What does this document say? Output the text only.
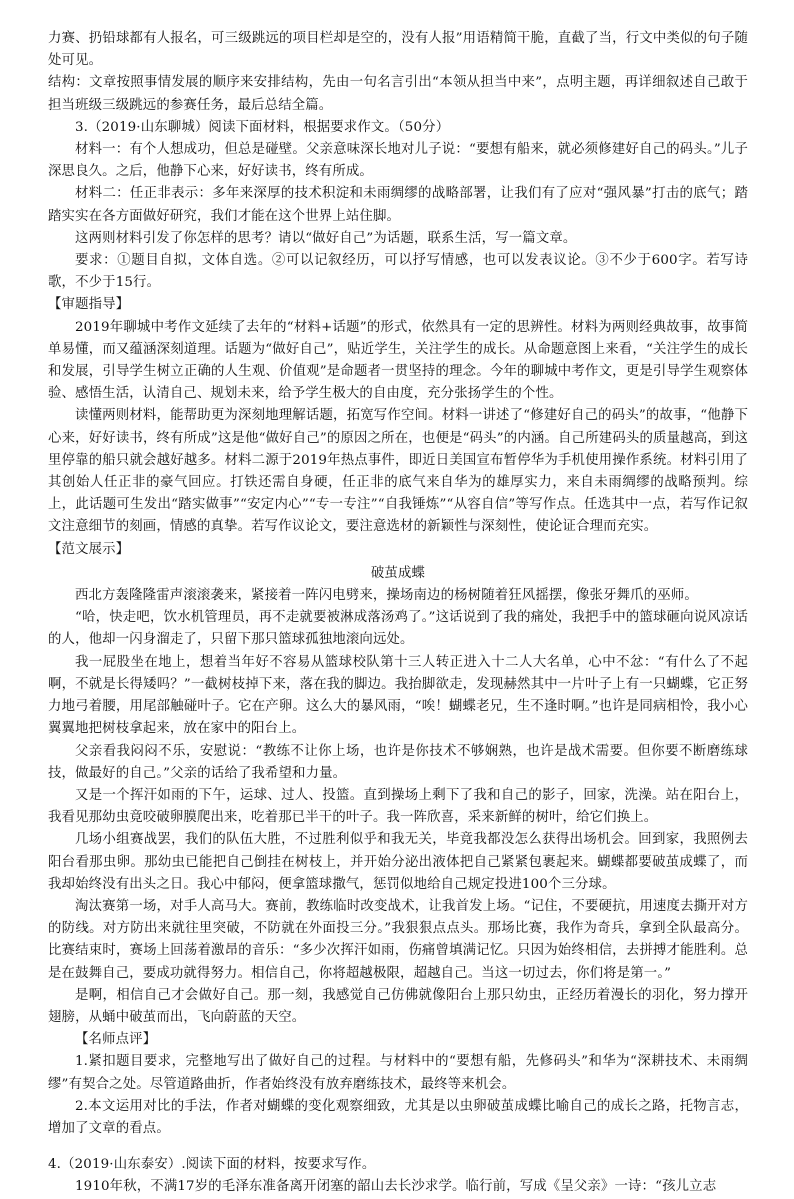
力赛、扔铅球都有人报名，可三级跳远的项目栏却是空的，没有人报”用语精简干脆，直截了当，行文中类似的句子随处可见。

结构：文章按照事情发展的顺序来安排结构，先由一句名言引出“本领从担当中来”，点明主题，再详细叙述自己敢于担当班级三级跳远的参赛任务，最后总结全篇。

3.（2019·山东聊城）阅读下面材料，根据要求作文。（50分）

材料一：有个人想成功，但总是碰壁。父亲意味深长地对儿子说：“要想有船来，就必须修建好自己的码头。”儿子深思良久。之后，他静下心来，好好读书，终有所成。

材料二：任正非表示：多年来深厚的技术积淀和未雨绸缪的战略部署，让我们有了应对“强风暴”打击的底气；踏踏实实在各方面做好研究，我们才能在这个世界上站住脚。

这两则材料引发了你怎样的思考？请以“做好自己”为话题，联系生活，写一篇文章。

要求：①题目自拟，文体自选。②可以记叙经历，可以抒写情感，也可以发表议论。③不少于600字。若写诗歌，不少于15行。

【审题指导】

2019年聊城中考作文延续了去年的“材料+话题”的形式，依然具有一定的思辨性。材料为两则经典故事，故事简单易懂，而又蕴涵深刻道理。话题为“做好自己”，贴近学生，关注学生的成长。从命题意图上来看，“关注学生的成长和发展，引导学生树立正确的人生观、价值观”是命题者一贯坚持的理念。今年的聊城中考作文，更是引导学生观察体验、感悟生活，认清自己、规划未来，给予学生极大的自由度，充分张扬学生的个性。

读懂两则材料，能帮助更为深刻地理解话题，拓宽写作空间。材料一讲述了“修建好自己的码头”的故事，“他静下心来，好好读书，终有所成”这是他“做好自己”的原因之所在，也便是“码头”的内涵。自己所建码头的质量越高，到这里停靠的船只就会越好越多。材料二源于2019年热点事件，即近日美国宣布暂停华为手机使用操作系统。材料引用了其创始人任正非的豪气回应。打铁还需自身硬，任正非的底气来自华为的雄厚实力，来自未雨绸缪的战略预判。综上，此话题可生发出“踏实做事”“安定内心”“专一专注”“自我锤炼”“从容自信”等写作点。任选其中一点，若写作记叙文注意细节的刻画，情感的真挚。若写作议论文，要注意选材的新颖性与深刻性，使论证合理而充实。

【范文展示】

破茧成蝶

西北方轰隆隆雷声滚滚袭来，紧接着一阵闪电劈来，操场南边的杨树随着狂风摇摆，像张牙舞爪的巫师。

“哈，快走吧，饮水机管理员，再不走就要被淋成落汤鸡了。”这话说到了我的痛处，我把手中的篮球砸向说风凉话的人，他却一闪身溜走了，只留下那只篮球孤独地滚向远处。

我一屁股坐在地上，想着当年好不容易从篮球校队第十三人转正进入十二人大名单，心中不忿：“有什么了不起啊，不就是长得矮吗？”一截树枝掉下来，落在我的脚边。我抬脚欲走，发现赫然其中一片叶子上有一只蝴蝶，它正努力地弓着腰，用尾部触碰叶子。它在产卵。这么大的暴风雨，“唉！蝴蝶老兄，生不逢时啊。”也许是同病相怜，我小心翼翼地把树枝拿起来，放在家中的阳台上。

父亲看我闷闷不乐，安慰说：“教练不让你上场，也许是你技术不够娴熟，也许是战术需要。但你要不断磨练球技，做最好的自己。”父亲的话给了我希望和力量。

又是一个挥汗如雨的下午，运球、过人、投篮。直到操场上剩下了我和自己的影子，回家，洗澡。站在阳台上，我看见那幼虫竟咬破卵膜爬出来，吃着那已半干的叶子。我一阵欣喜，采来新鲜的树叶，给它们换上。

几场小组赛战罢，我们的队伍大胜，不过胜利似乎和我无关，毕竟我都没怎么获得出场机会。回到家，我照例去阳台看那虫卵。那幼虫已能把自己倒挂在树枝上，并开始分泌出液体把自己紧紧包裹起来。蝴蝶都要破茧成蝶了，而我却始终没有出头之日。我心中郁闷，便拿篮球撒气，惩罚似地给自己规定投进100个三分球。

淘汰赛第一场，对手人高马大。赛前，教练临时改变战术，让我首发上场。“记住，不要硬抗，用速度去撕开对方的防线。对方防出来就往里突破，不防就在外面投三分。”我狠狠点点头。那场比赛，我作为奇兵，拿到全队最高分。比赛结束时，赛场上回荡着激昂的音乐：“多少次挥汗如雨，伤痛曾填满记忆。只因为始终相信，去拼搏才能胜利。总是在鼓舞自己，要成功就得努力。相信自己，你将超越极限，超越自己。当这一切过去，你们将是第一。”

是啊，相信自己才会做好自己。那一刻，我感觉自己仿佛就像阳台上那只幼虫，正经历着漫长的羽化，努力撑开翅膀，从蛹中破茧而出，飞向蔚蓝的天空。

【名师点评】

1.紧扣题目要求，完整地写出了做好自己的过程。与材料中的“要想有船，先修码头”和华为“深耕技术、未雨绸缪”有契合之处。尽管道路曲折，作者始终没有放弃磨练技术，最终等来机会。

2.本文运用对比的手法，作者对蝴蝶的变化观察细致，尤其是以虫卵破茧成蝶比喻自己的成长之路，托物言志，增加了文章的看点。

4.（2019·山东泰安）.阅读下面的材料，按要求写作。

1910年秋，不满17岁的毛泽东准备离开闭塞的韶山去长沙求学。临行前，写成《呈父亲》一诗：“孩儿立志
